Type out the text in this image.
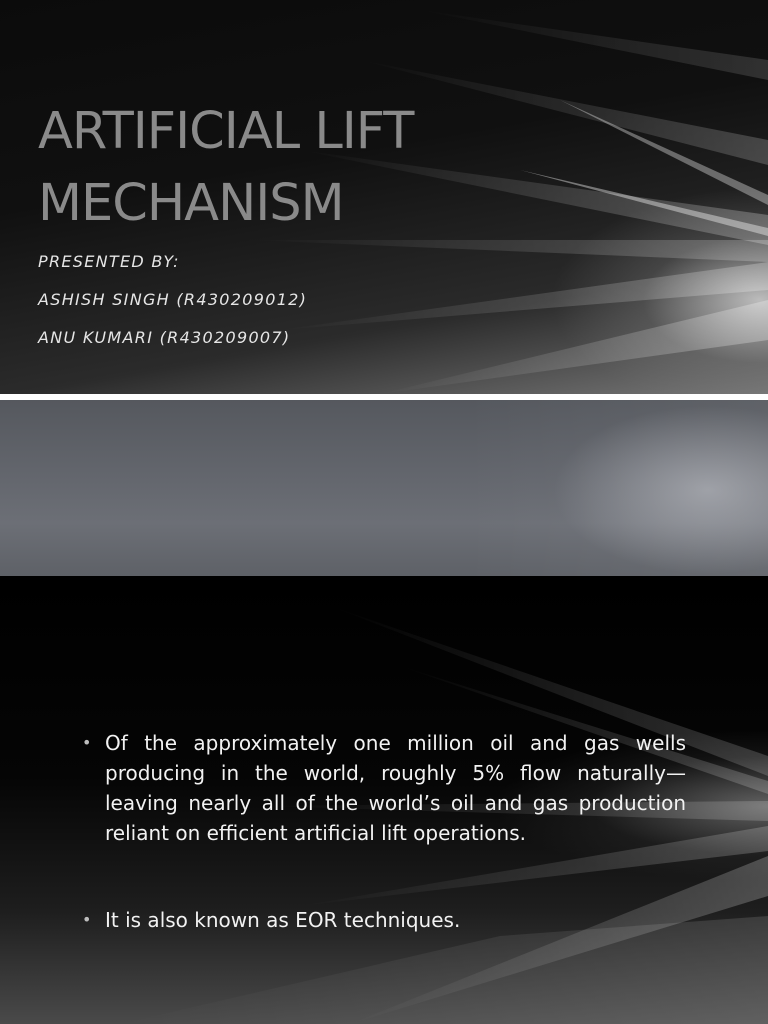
ARTIFICIAL LIFT
MECHANISM
PRESENTED BY:
ASHISH SINGH (R430209012)
ANU KUMARI (R430209007)
• Of the approximately one million oil and gas wells producing in the world, roughly 5% flow naturally—leaving nearly all of the world’s oil and gas production reliant on efficient artificial lift operations.
• It is also known as EOR techniques.
